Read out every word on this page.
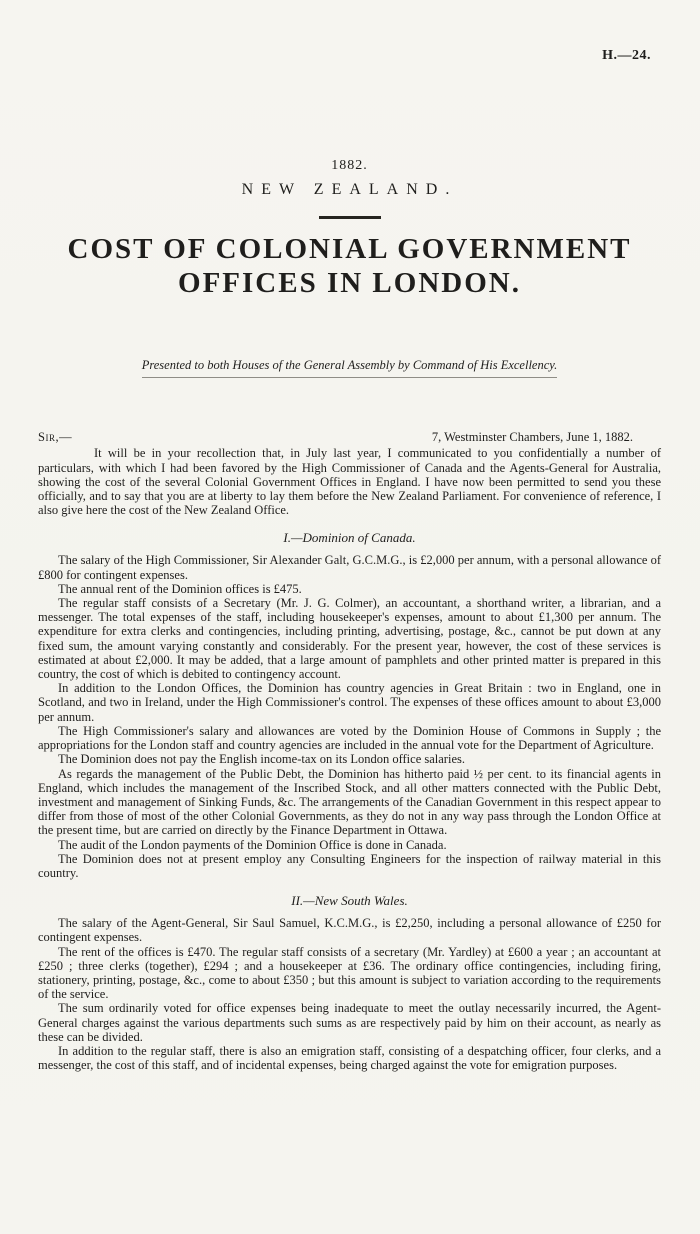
H.—24.
1882.
NEW ZEALAND.
COST OF COLONIAL GOVERNMENT OFFICES IN LONDON.
Presented to both Houses of the General Assembly by Command of His Excellency.
Sir,—	7, Westminster Chambers, June 1, 1882.

It will be in your recollection that, in July last year, I communicated to you confidentially a number of particulars, with which I had been favored by the High Commissioner of Canada and the Agents-General for Australia, showing the cost of the several Colonial Government Offices in England. I have now been permitted to send you these officially, and to say that you are at liberty to lay them before the New Zealand Parliament. For convenience of reference, I also give here the cost of the New Zealand Office.

I.—Dominion of Canada.

The salary of the High Commissioner, Sir Alexander Galt, G.C.M.G., is £2,000 per annum, with a personal allowance of £800 for contingent expenses.

The annual rent of the Dominion offices is £475.

The regular staff consists of a Secretary (Mr. J. G. Colmer), an accountant, a shorthand writer, a librarian, and a messenger. The total expenses of the staff, including housekeeper's expenses, amount to about £1,300 per annum. The expenditure for extra clerks and contingencies, including printing, advertising, postage, &c., cannot be put down at any fixed sum, the amount varying constantly and considerably. For the present year, however, the cost of these services is estimated at about £2,000. It may be added, that a large amount of pamphlets and other printed matter is prepared in this country, the cost of which is debited to contingency account.

In addition to the London Offices, the Dominion has country agencies in Great Britain : two in England, one in Scotland, and two in Ireland, under the High Commissioner's control. The expenses of these offices amount to about £3,000 per annum.

The High Commissioner's salary and allowances are voted by the Dominion House of Commons in Supply ; the appropriations for the London staff and country agencies are included in the annual vote for the Department of Agriculture.

The Dominion does not pay the English income-tax on its London office salaries.

As regards the management of the Public Debt, the Dominion has hitherto paid ½ per cent. to its financial agents in England, which includes the management of the Inscribed Stock, and all other matters connected with the Public Debt, investment and management of Sinking Funds, &c. The arrangements of the Canadian Government in this respect appear to differ from those of most of the other Colonial Governments, as they do not in any way pass through the London Office at the present time, but are carried on directly by the Finance Department in Ottawa.

The audit of the London payments of the Dominion Office is done in Canada.

The Dominion does not at present employ any Consulting Engineers for the inspection of railway material in this country.

II.—New South Wales.

The salary of the Agent-General, Sir Saul Samuel, K.C.M.G., is £2,250, including a personal allowance of £250 for contingent expenses.

The rent of the offices is £470. The regular staff consists of a secretary (Mr. Yardley) at £600 a year ; an accountant at £250 ; three clerks (together), £294 ; and a housekeeper at £36. The ordinary office contingencies, including firing, stationery, printing, postage, &c., come to about £350 ; but this amount is subject to variation according to the requirements of the service.

The sum ordinarily voted for office expenses being inadequate to meet the outlay necessarily incurred, the Agent-General charges against the various departments such sums as are respectively paid by him on their account, as nearly as these can be divided.

In addition to the regular staff, there is also an emigration staff, consisting of a despatching officer, four clerks, and a messenger, the cost of this staff, and of incidental expenses, being charged against the vote for emigration purposes.
